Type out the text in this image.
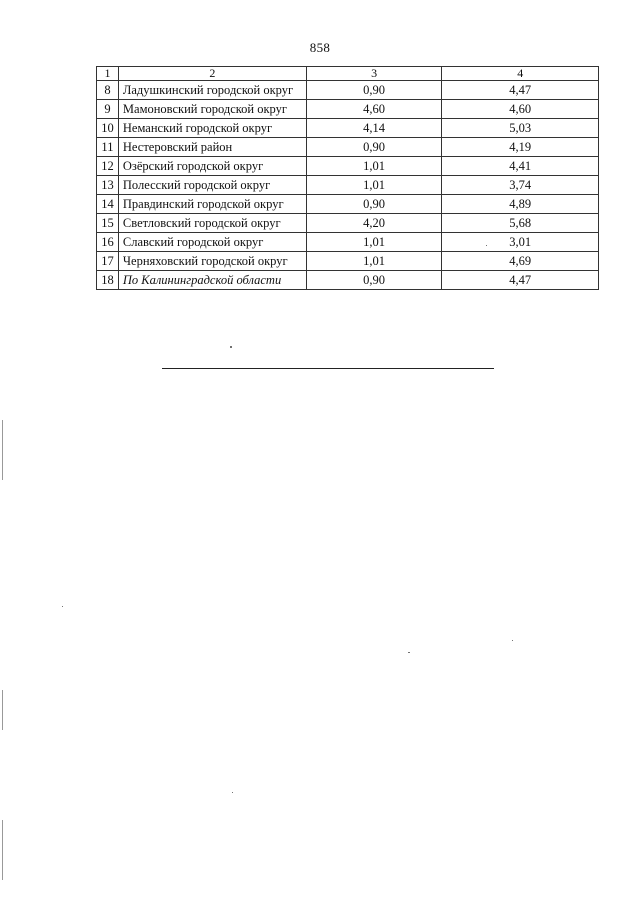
858
1	2	3	4
8	Ладушкинский городской округ	0,90	4,47
9	Мамоновский городской округ	4,60	4,60
10	Неманский городской округ	4,14	5,03
11	Нестеровский район	0,90	4,19
12	Озёрский городской округ	1,01	4,41
13	Полесский городской округ	1,01	3,74
14	Правдинский городской округ	0,90	4,89
15	Светловский городской округ	4,20	5,68
16	Славский городской округ	1,01	3,01
17	Черняховский городской округ	1,01	4,69
18	По Калининградской области	0,90	4,47
